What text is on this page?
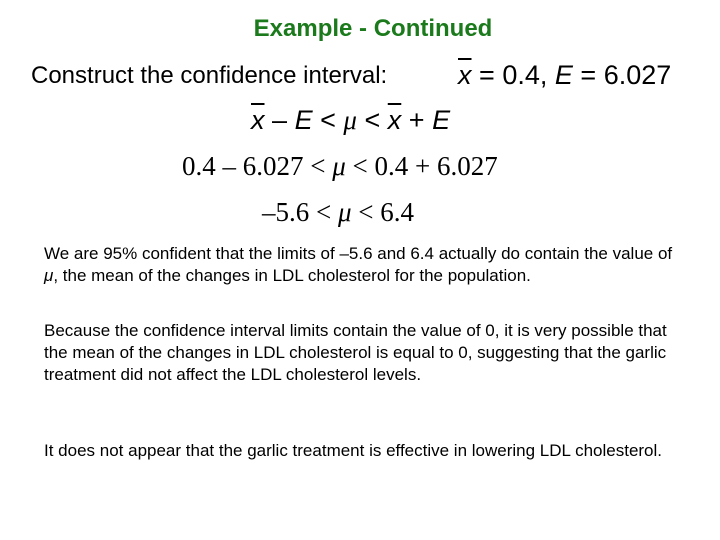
Example - Continued
Construct the confidence interval:	$\overline{x} = 0.4$, E = 6.027
$\overline{x} - E < \mu < \overline{x} + E$
0.4 – 6.027 < μ < 0.4 + 6.027
–5.6 < μ < 6.4

We are 95% confident that the limits of –5.6 and 6.4 actually do contain the value of μ, the mean of the changes in LDL cholesterol for the population.

Because the confidence interval limits contain the value of 0, it is very possible that the mean of the changes in LDL cholesterol is equal to 0, suggesting that the garlic treatment did not affect the LDL cholesterol levels.

It does not appear that the garlic treatment is effective in lowering LDL cholesterol.
